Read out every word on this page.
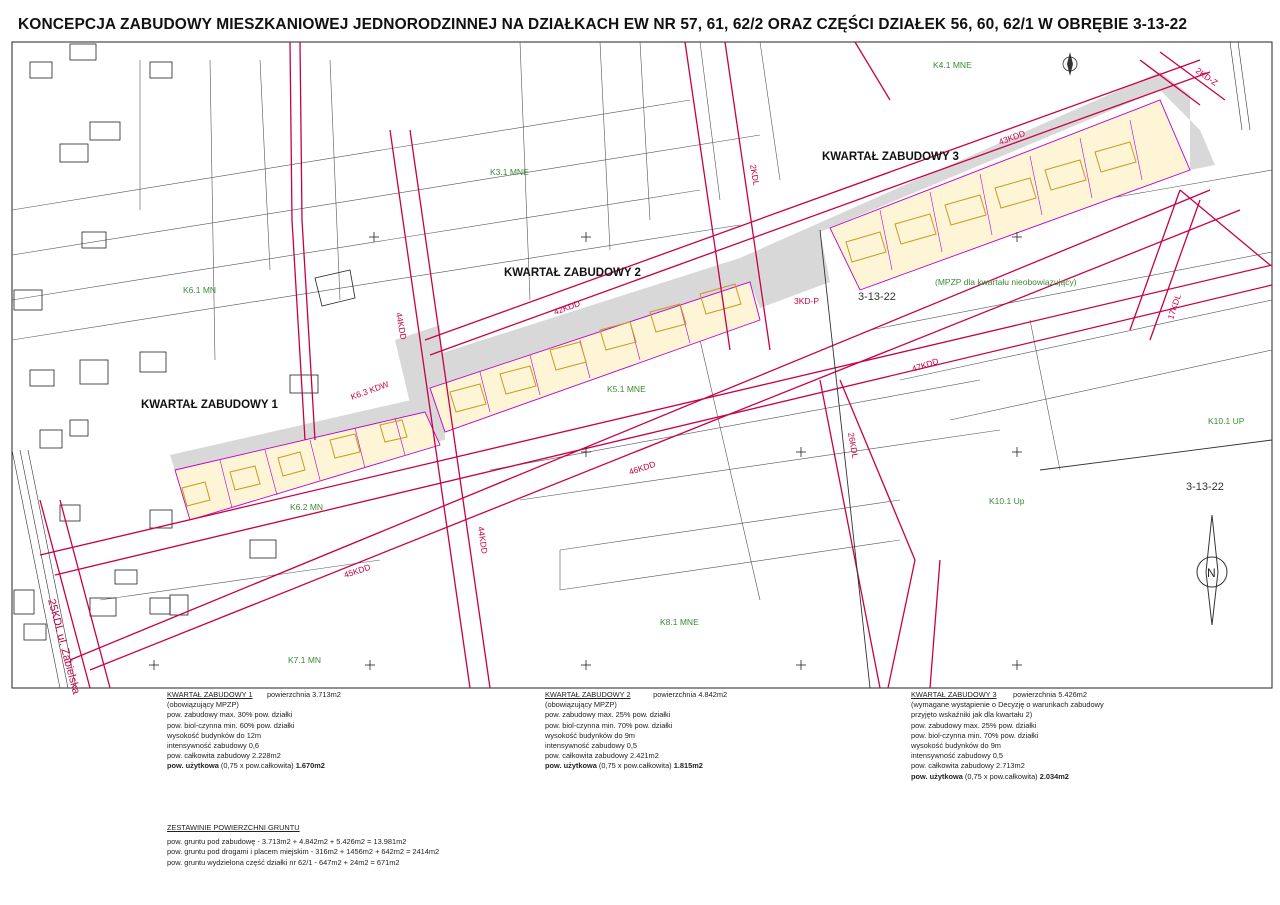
KONCEPCJA ZABUDOWY MIESZKANIOWEJ JEDNORODZINNEJ NA DZIAŁKACH EW NR 57, 61, 62/2 ORAZ CZĘŚCI DZIAŁEK 56, 60, 62/1 W OBRĘBIE 3-13-22
N
K4.1 MNE
K3.1 MNE
K6.1 MN
K5.1 MNE
K6.2 MN
K10.1 UP
K10.1 Up
K8.1 MNE
K7.1 MN
KWARTAŁ ZABUDOWY 3
KWARTAŁ ZABUDOWY 2
KWARTAŁ ZABUDOWY 1
2KD-Z
43KDD
2KDL
42KDD	3KD-P
44KDD
K6.3 KDW
47KDD
17KDL
46KDD
26KDL
45KDD
44KDD
3-13-22
3-13-22
(MPZP dla kwartału nieobowiązujący)
25KDL ul. Zabielska	KWARTAŁ ZABUDOWY 1 powierzchnia 3.713m2
(obowiązujący MPZP)
pow. zabudowy max. 30% pow. działki
pow. biol-czynna min. 60% pow. działki
wysokość budynków do 12m
intensywność zabudowy 0,6
pow. całkowita zabudowy 2.228m2
pow. użytkowa (0,75 x pow.całkowita) 1.670m2
KWARTAŁ ZABUDOWY 2	powierzchnia 4.842m2
(obowiązujący MPZP)
pow. zabudowy max. 25% pow. działki
pow. biol-czynna min. 70% pow. działki
wysokość budynków do 9m
intensywność zabudowy 0,5
pow. całkowita zabudowy 2.421m2
pow. użytkowa (0,75 x pow.całkowita) 1.815m2
KWARTAŁ ZABUDOWY 3 powierzchnia 5.426m2
(wymagane wystąpienie o Decyzję o warunkach zabudowy
przyjęto wskaźniki jak dla kwartału 2)
pow. zabudowy max. 25% pow. działki
pow. biol-czynna min. 70% pow. działki
wysokość budynków do 9m
intensywność zabudowy 0,5
pow. całkowita zabudowy 2.713m2
pow. użytkowa (0,75 x pow.całkowita) 2.034m2
ZESTAWINIE POWIERZCHNI GRUNTU
pow. gruntu pod zabudowę - 3.713m2 + 4.842m2 + 5.426m2 = 13.981m2
pow. gruntu pod drogami i placem miejskim - 316m2 + 1456m2 + 642m2 = 2414m2
pow. gruntu wydzielona część działki nr 62/1 - 647m2 + 24m2 = 671m2
